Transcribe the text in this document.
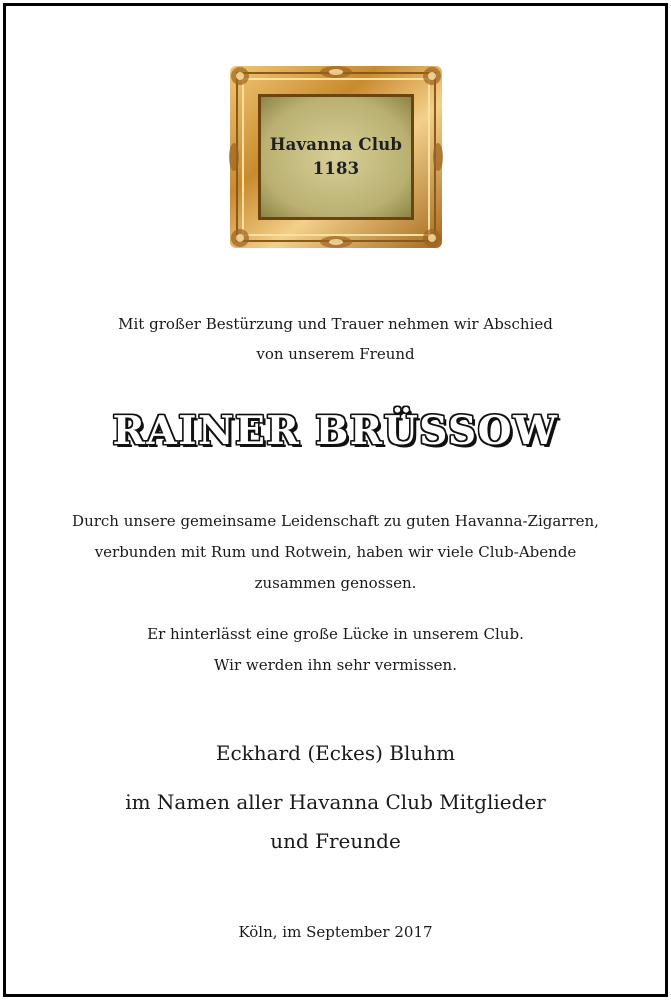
Havanna Club
1183
Mit großer Bestürzung und Trauer nehmen wir Abschied
von unserem Freund
RAINER BRÜSSOW
Durch unsere gemeinsame Leidenschaft zu guten Havanna-Zigarren,
verbunden mit Rum und Rotwein, haben wir viele Club-Abende
zusammen genossen.
Er hinterlässt eine große Lücke in unserem Club.
Wir werden ihn sehr vermissen.
Eckhard (Eckes) Bluhm
im Namen aller Havanna Club Mitglieder
und Freunde
Köln, im September 2017
